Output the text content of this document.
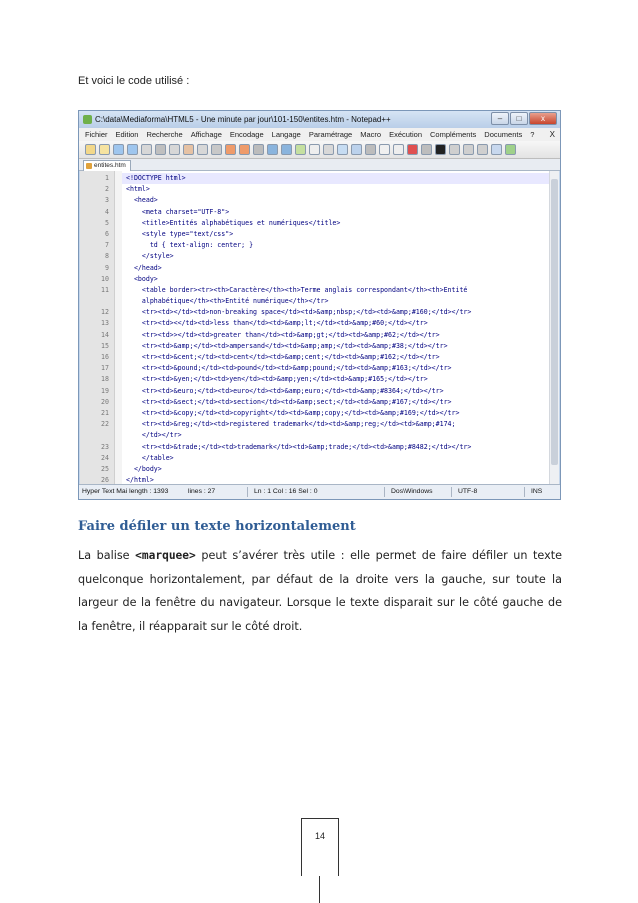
Et voici le code utilisé :
C:\data\Mediaforma\HTML5 - Une minute par jour\101-150\entites.htm - Notepad++	–	□	x
Fichier Edition Recherche Affichage Encodage Langage Paramétrage Macro Exécution Compléments Documents ? X
entites.htm
1	<!DOCTYPE html>
2	<html>
3	<head>
4	<meta charset="UTF-8">
5	<title>Entités alphabétiques et numériques</title>
6	<style type="text/css">
7	td { text-align: center; }
8	</style>
9	</head>
10	<body>
11	<table border><tr><th>Caractère</th><th>Terme anglais correspondant</th><th>Entité
alphabétique</th><th>Entité numérique</th></tr>
12	<tr><td></td><td>non-breaking space</td><td>&amp;nbsp;</td><td>&amp;#160;</td></tr>
13	<tr><td><</td><td>less than</td><td>&amp;lt;</td><td>&amp;#60;</td></tr>
14	<tr><td>></td><td>greater than</td><td>&amp;gt;</td><td>&amp;#62;</td></tr>
15	<tr><td>&amp;</td><td>ampersand</td><td>&amp;amp;</td><td>&amp;#38;</td></tr>
16	<tr><td>&cent;</td><td>cent</td><td>&amp;cent;</td><td>&amp;#162;</td></tr>
17	<tr><td>&pound;</td><td>pound</td><td>&amp;pound;</td><td>&amp;#163;</td></tr>
18	<tr><td>&yen;</td><td>yen</td><td>&amp;yen;</td><td>&amp;#165;</td></tr>
19	<tr><td>&euro;</td><td>euro</td><td>&amp;euro;</td><td>&amp;#8364;</td></tr>
20	<tr><td>&sect;</td><td>section</td><td>&amp;sect;</td><td>&amp;#167;</td></tr>
21	<tr><td>&copy;</td><td>copyright</td><td>&amp;copy;</td><td>&amp;#169;</td></tr>
22	<tr><td>&reg;</td><td>registered trademark</td><td>&amp;reg;</td><td>&amp;#174;
</td></tr>
23	<tr><td>&trade;</td><td>trademark</td><td>&amp;trade;</td><td>&amp;#8482;</td></tr>
24	</table>
25	</body>
26	</html>
Hyper Text Mai length : 1393	lines : 27	Ln : 1 Col : 16 Sel : 0	Dos\Windows	UTF-8	INS
Faire défiler un texte horizontalement
La balise <marquee> peut s’avérer très utile : elle permet de faire défiler un texte quelconque horizontalement, par défaut de la droite vers la gauche, sur toute la largeur de la fenêtre du navigateur. Lorsque le texte disparait sur le côté gauche de la fenêtre, il réapparait sur le côté droit.
14
